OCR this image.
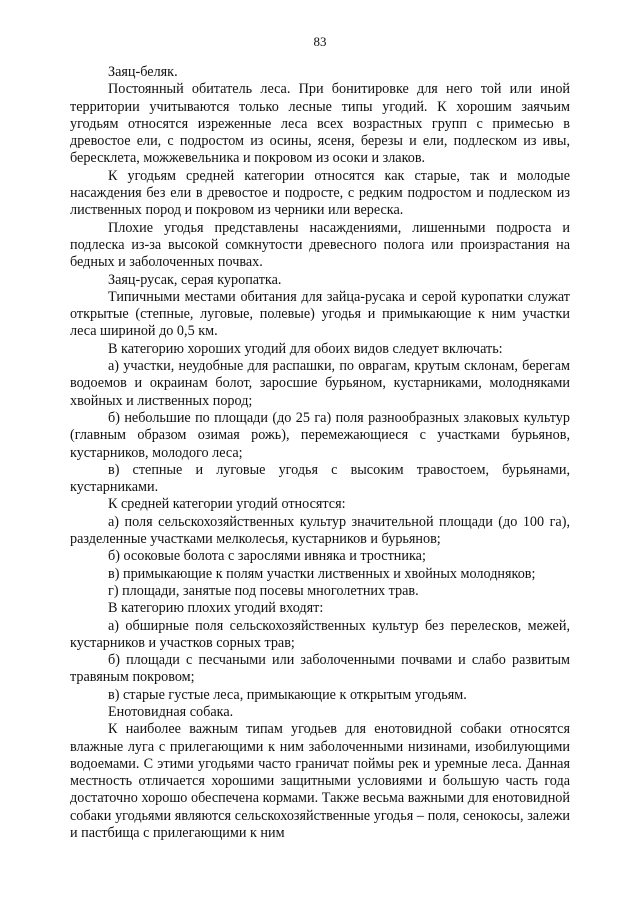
83

Заяц-беляк.

Постоянный обитатель леса. При бонитировке для него той или иной территории учитываются только лесные типы угодий. К хорошим заячьим угодьям относятся изреженные леса всех возрастных групп с примесью в древостое ели, с подростом из осины, ясеня, березы и ели, подлеском из ивы, бересклета, можжевельника и покровом из осоки и злаков.

К угодьям средней категории относятся как старые, так и молодые насаждения без ели в древостое и подросте, с редким подростом и подлеском из лиственных пород и покровом из черники или вереска.

Плохие угодья представлены насаждениями, лишенными подроста и подлеска из-за высокой сомкнутости древесного полога или произрастания на бедных и заболоченных почвах.

Заяц-русак, серая куропатка.

Типичными местами обитания для зайца-русака и серой куропатки служат открытые (степные, луговые, полевые) угодья и примыкающие к ним участки леса шириной до 0,5 км.

В категорию хороших угодий для обоих видов следует включать:

а) участки, неудобные для распашки, по оврагам, крутым склонам, берегам водоемов и окраинам болот, заросшие бурьяном, кустарниками, молодняками хвойных и лиственных пород;

б) небольшие по площади (до 25 га) поля разнообразных злаковых культур (главным образом озимая рожь), перемежающиеся с участками бурьянов, кустарников, молодого леса;

в) степные и луговые угодья с высоким травостоем, бурьянами, кустарниками.

К средней категории угодий относятся:

а) поля сельскохозяйственных культур значительной площади (до 100 га), разделенные участками мелколесья, кустарников и бурьянов;

б) осоковые болота с зарослями ивняка и тростника;

в) примыкающие к полям участки лиственных и хвойных молодняков;

г) площади, занятые под посевы многолетних трав.

В категорию плохих угодий входят:

а) обширные поля сельскохозяйственных культур без перелесков, межей, кустарников и участков сорных трав;

б) площади с песчаными или заболоченными почвами и слабо развитым травяным покровом;

в) старые густые леса, примыкающие к открытым угодьям.

Енотовидная собака.

К наиболее важным типам угодьев для енотовидной собаки относятся влажные луга с прилегающими к ним заболоченными низинами, изобилующими водоемами. С этими угодьями часто граничат поймы рек и уремные леса. Данная местность отличается хорошими защитными условиями и большую часть года достаточно хорошо обеспечена кормами. Также весьма важными для енотовидной собаки угодьями являются сельскохозяйственные угодья – поля, сенокосы, залежи и пастбища с прилегающими к ним
